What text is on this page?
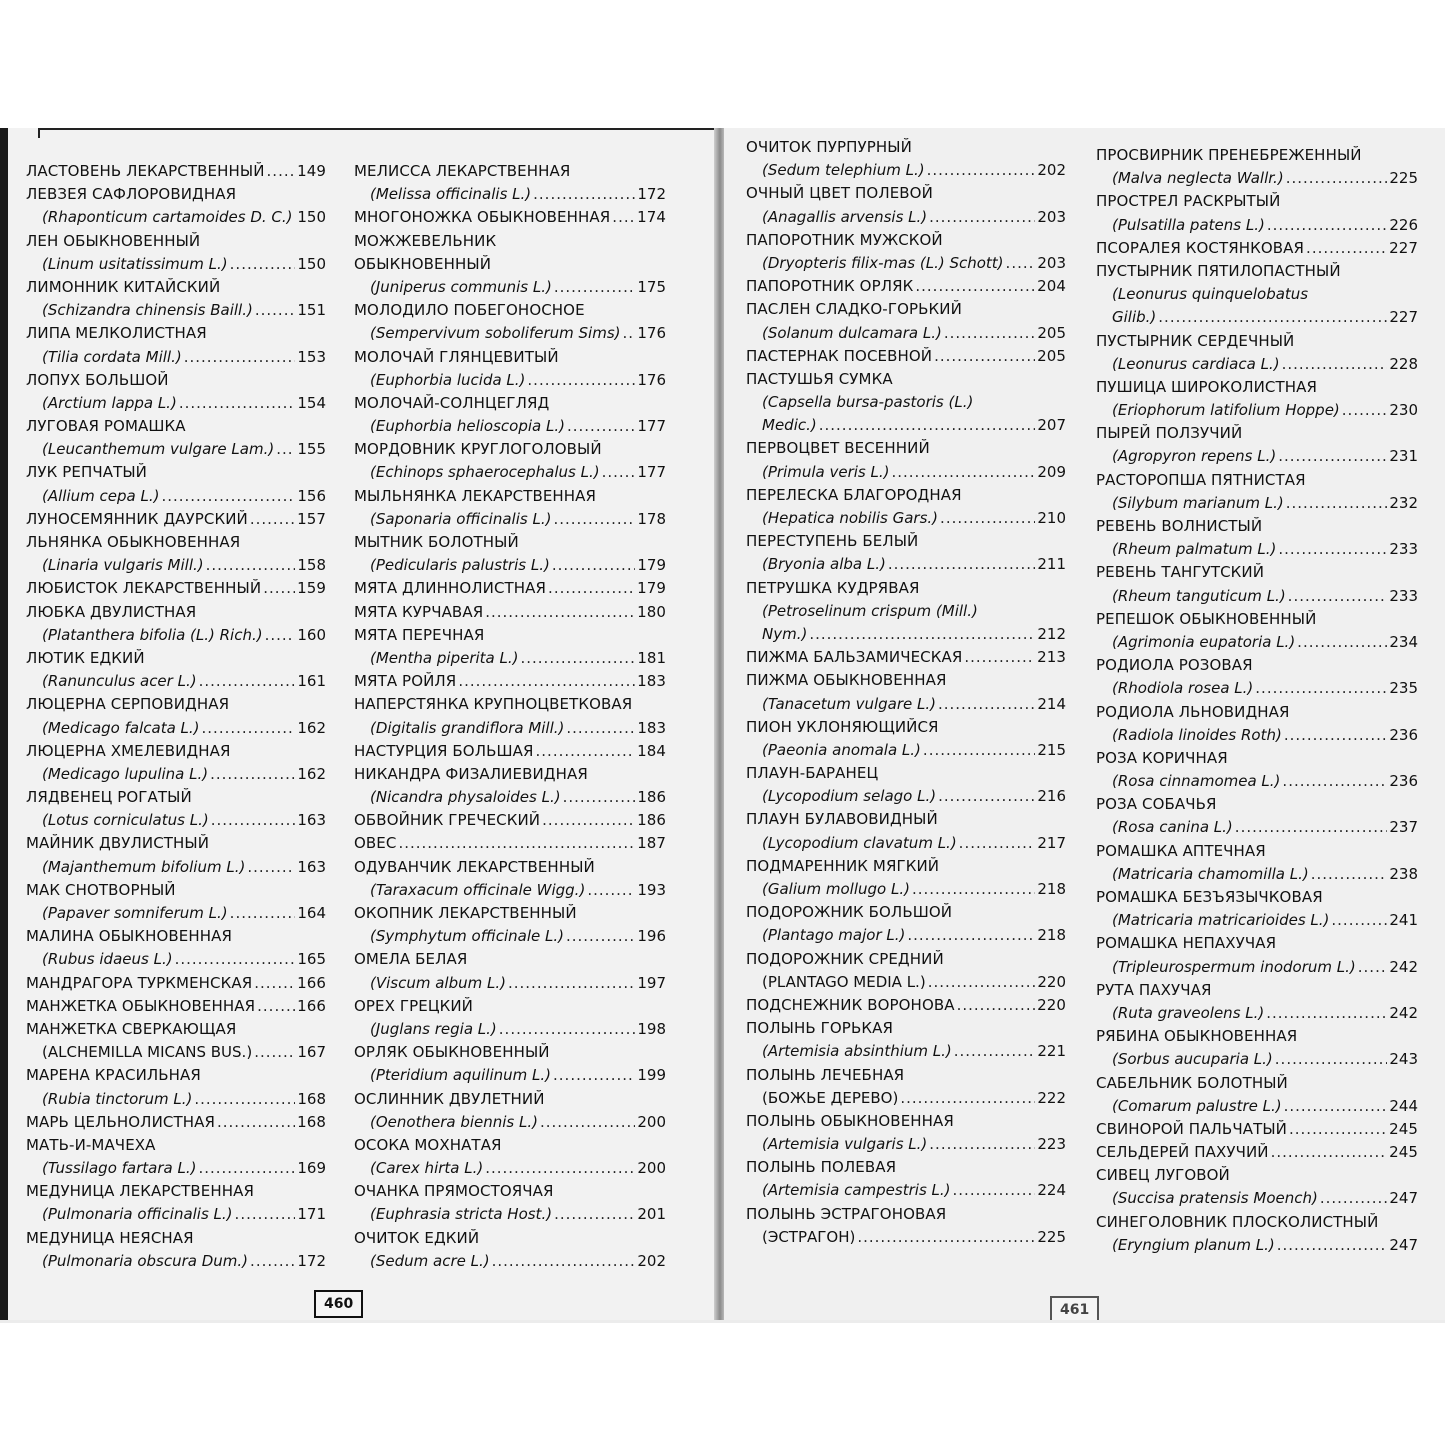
ЛАСТОВЕНЬ ЛЕКАРСТВЕННЫЙ ..... 149
ЛЕВЗЕЯ САФЛОРОВИДНАЯ
(Rhaponticum cartamoides D. C.) ..... 150
ЛЕН ОБЫКНОВЕННЫЙ
(Linum usitatissimum L.) .....	150
ЛИМОННИК КИТАЙСКИЙ
(Schizandra chinensis Baill.) .....	151
ЛИПА МЕЛКОЛИСТНАЯ
(Tilia cordata Mill.) .....	153
ЛОПУХ БОЛЬШОЙ
(Arctium lappa L.) .....	154
ЛУГОВАЯ РОМАШКА
(Leucanthemum vulgare Lam.) ..... 155
ЛУК РЕПЧАТЫЙ
(Allium cepa L.) .....	156
ЛУНОСЕМЯННИК ДАУРСКИЙ .....	157
ЛЬНЯНКА ОБЫКНОВЕННАЯ
(Linaria vulgaris Mill.) .....	158
ЛЮБИСТОК ЛЕКАРСТВЕННЫЙ ..... 159
ЛЮБКА ДВУЛИСТНАЯ
(Platanthera bifolia (L.) Rich.) ..... 160
ЛЮТИК ЕДКИЙ
(Ranunculus acer L.) .....	161
ЛЮЦЕРНА СЕРПОВИДНАЯ
(Medicago falcata L.) .....	162
ЛЮЦЕРНА ХМЕЛЕВИДНАЯ
(Medicago lupulina L.) .....	162
ЛЯДВЕНЕЦ РОГАТЫЙ
(Lotus corniculatus L.) .....	163
МАЙНИК ДВУЛИСТНЫЙ
(Majanthemum bifolium L.) .....	163
МАК СНОТВОРНЫЙ
(Papaver somniferum L.) .....	164
МАЛИНА ОБЫКНОВЕННАЯ
(Rubus idaeus L.) .....	165
МАНДРАГОРА ТУРКМЕНСКАЯ .....	166
МАНЖЕТКА ОБЫКНОВЕННАЯ .....	166
МАНЖЕТКА СВЕРКАЮЩАЯ
(ALCHEMILLA MICANS BUS.) .....	167
МАРЕНА КРАСИЛЬНАЯ
(Rubia tinctorum L.) .....	168
МАРЬ ЦЕЛЬНОЛИСТНАЯ .....	168
МАТЬ-И-МАЧЕХА
(Tussilago fartara L.) .....	169
МЕДУНИЦА ЛЕКАРСТВЕННАЯ
(Pulmonaria officinalis L.) .....	171
МЕДУНИЦА НЕЯСНАЯ
(Pulmonaria obscura Dum.) .....	172
МЕЛИССА ЛЕКАРСТВЕННАЯ
(Melissa officinalis L.) .....	172
МНОГОНОЖКА ОБЫКНОВЕННАЯ ..... 174
МОЖЖЕВЕЛЬНИК
ОБЫКНОВЕННЫЙ
(Juniperus communis L.) .....	175
МОЛОДИЛО ПОБЕГОНОСНОЕ
(Sempervivum soboliferum Sims) ..... 176
МОЛОЧАЙ ГЛЯНЦЕВИТЫЙ
(Euphorbia lucida L.) .....	176
МОЛОЧАЙ-СОЛНЦЕГЛЯД
(Euphorbia helioscopia L.) .....	177
МОРДОВНИК КРУГЛОГОЛОВЫЙ
(Echinops sphaerocephalus L.) .....	177
МЫЛЬНЯНКА ЛЕКАРСТВЕННАЯ
(Saponaria officinalis L.) .....	178
МЫТНИК БОЛОТНЫЙ
(Pedicularis palustris L.) .....	179
МЯТА ДЛИННОЛИСТНАЯ .....	179
МЯТА КУРЧАВАЯ .....	180
МЯТА ПЕРЕЧНАЯ
(Mentha piperita L.) .....	181
МЯТА РОЙЛЯ .....	183
НАПЕРСТЯНКА КРУПНОЦВЕТКОВАЯ
(Digitalis grandiflora Mill.) .....	183
НАСТУРЦИЯ БОЛЬШАЯ .....	184
НИКАНДРА ФИЗАЛИЕВИДНАЯ
(Nicandra physaloides L.) .....	186
ОБВОЙНИК ГРЕЧЕСКИЙ .....	186
ОВЕС .....	187
ОДУВАНЧИК ЛЕКАРСТВЕННЫЙ
(Taraxacum officinale Wigg.) .....	193
ОКОПНИК ЛЕКАРСТВЕННЫЙ
(Symphytum officinale L.) .....	196
ОМЕЛА БЕЛАЯ
(Viscum album L.) .....	197
ОРЕХ ГРЕЦКИЙ
(Juglans regia L.) .....	198
ОРЛЯК ОБЫКНОВЕННЫЙ
(Pteridium aquilinum L.) .....	199
ОСЛИННИК ДВУЛЕТНИЙ
(Oenothera biennis L.) .....	200
ОСОКА МОХНАТАЯ
(Carex hirta L.) .....	200
ОЧАНКА ПРЯМОСТОЯЧАЯ
(Euphrasia stricta Host.) .....	201
ОЧИТОК ЕДКИЙ
(Sedum acre L.) .....	202
460
ОЧИТОК ПУРПУРНЫЙ
(Sedum telephium L.) .....	202
ОЧНЫЙ ЦВЕТ ПОЛЕВОЙ
(Anagallis arvensis L.) .....	203
ПАПОРОТНИК МУЖСКОЙ
(Dryopteris filix-mas (L.) Schott) ..... 203
ПАПОРОТНИК ОРЛЯК .....	204
ПАСЛЕН СЛАДКО-ГОРЬКИЙ
(Solanum dulcamara L.) .....	205
ПАСТЕРНАК ПОСЕВНОЙ .....	205
ПАСТУШЬЯ СУМКА
(Capsella bursa-pastoris (L.)
Medic.) .....	207
ПЕРВОЦВЕТ ВЕСЕННИЙ
(Primula veris L.) .....	209
ПЕРЕЛЕСКА БЛАГОРОДНАЯ
(Hepatica nobilis Gars.) .....	210
ПЕРЕСТУПЕНЬ БЕЛЫЙ
(Bryonia alba L.) .....	211
ПЕТРУШКА КУДРЯВАЯ
(Petroselinum crispum (Mill.)
Nym.) .....	212
ПИЖМА БАЛЬЗАМИЧЕСКАЯ .....	213
ПИЖМА ОБЫКНОВЕННАЯ
(Tanacetum vulgare L.) .....	214
ПИОН УКЛОНЯЮЩИЙСЯ
(Paeonia anomala L.) .....	215
ПЛАУН-БАРАНЕЦ
(Lycopodium selago L.) .....	216
ПЛАУН БУЛАВОВИДНЫЙ
(Lycopodium clavatum L.) .....	217
ПОДМАРЕННИК МЯГКИЙ
(Galium mollugo L.) .....	218
ПОДОРОЖНИК БОЛЬШОЙ
(Plantago major L.) .....	218
ПОДОРОЖНИК СРЕДНИЙ
(PLANTAGO MEDIA L.) .....	220
ПОДСНЕЖНИК ВОРОНОВА .....	220
ПОЛЫНЬ ГОРЬКАЯ
(Artemisia absinthium L.) .....	221
ПОЛЫНЬ ЛЕЧЕБНАЯ
(БОЖЬЕ ДЕРЕВО) .....	222
ПОЛЫНЬ ОБЫКНОВЕННАЯ
(Artemisia vulgaris L.) .....	223
ПОЛЫНЬ ПОЛЕВАЯ
(Artemisia campestris L.) .....	224
ПОЛЫНЬ ЭСТРАГОНОВАЯ
(ЭСТРАГОН) .....	225
ПРОСВИРНИК ПРЕНЕБРЕЖЕННЫЙ
(Malva neglecta Wallr.) .....	225
ПРОСТРЕЛ РАСКРЫТЫЙ
(Pulsatilla patens L.) .....	226
ПСОРАЛЕЯ КОСТЯНКОВАЯ .....	227
ПУСТЫРНИК ПЯТИЛОПАСТНЫЙ
(Leonurus quinquelobatus
Gilib.) .....	227
ПУСТЫРНИК СЕРДЕЧНЫЙ
(Leonurus cardiaca L.) .....	228
ПУШИЦА ШИРОКОЛИСТНАЯ
(Eriophorum latifolium Hoppe) .....	230
ПЫРЕЙ ПОЛЗУЧИЙ
(Agropyron repens L.) .....	231
РАСТОРОПША ПЯТНИСТАЯ
(Silybum marianum L.) .....	232
РЕВЕНЬ ВОЛНИСТЫЙ
(Rheum palmatum L.) .....	233
РЕВЕНЬ ТАНГУТСКИЙ
(Rheum tanguticum L.) .....	233
РЕПЕШОК ОБЫКНОВЕННЫЙ
(Agrimonia eupatoria L.) .....	234
РОДИОЛА РОЗОВАЯ
(Rhodiola rosea L.) .....	235
РОДИОЛА ЛЬНОВИДНАЯ
(Radiola linoides Roth) .....	236
РОЗА КОРИЧНАЯ
(Rosa cinnamomea L.) .....	236
РОЗА СОБАЧЬЯ
(Rosa canina L.) .....	237
РОМАШКА АПТЕЧНАЯ
(Matricaria chamomilla L.) .....	238
РОМАШКА БЕЗЪЯЗЫЧКОВАЯ
(Matricaria matricarioides L.) .....	241
РОМАШКА НЕПАХУЧАЯ
(Tripleurospermum inodorum L.) ..... 242
РУТА ПАХУЧАЯ
(Ruta graveolens L.) .....	242
РЯБИНА ОБЫКНОВЕННАЯ
(Sorbus aucuparia L.) .....	243
САБЕЛЬНИК БОЛОТНЫЙ
(Comarum palustre L.) .....	244
СВИНОРОЙ ПАЛЬЧАТЫЙ .....	245
СЕЛЬДЕРЕЙ ПАХУЧИЙ .....	245
СИВЕЦ ЛУГОВОЙ
(Succisa pratensis Moench) .....	247
СИНЕГОЛОВНИК ПЛОСКОЛИСТНЫЙ
(Eryngium planum L.) .....	247
461
